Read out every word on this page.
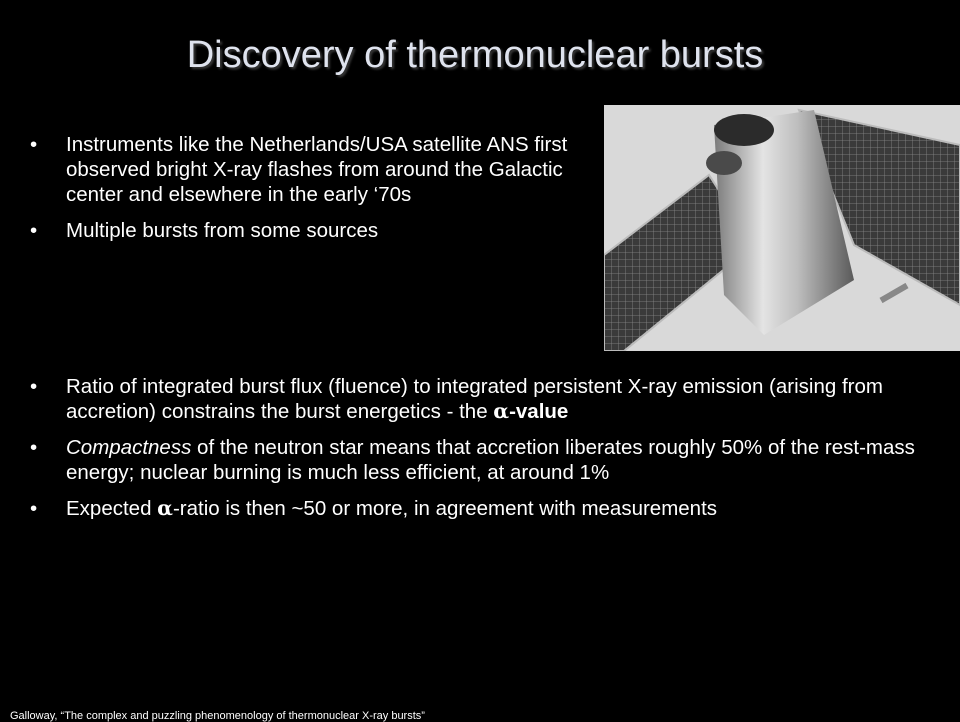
Discovery of thermonuclear bursts
• Instruments like the Netherlands/USA satellite ANS first observed bright X-ray flashes from around the Galactic center and elsewhere in the early ‘70s
• Multiple bursts from some sources
• Ratio of integrated burst flux (fluence) to integrated persistent X-ray emission (arising from accretion) constrains the burst energetics - the α-value
• Compactness of the neutron star means that accretion liberates roughly 50% of the rest-mass energy; nuclear burning is much less efficient, at around 1%
• Expected α-ratio is then ~50 or more, in agreement with measurements
Galloway, “The complex and puzzling phenomenology of thermonuclear X-ray bursts”
